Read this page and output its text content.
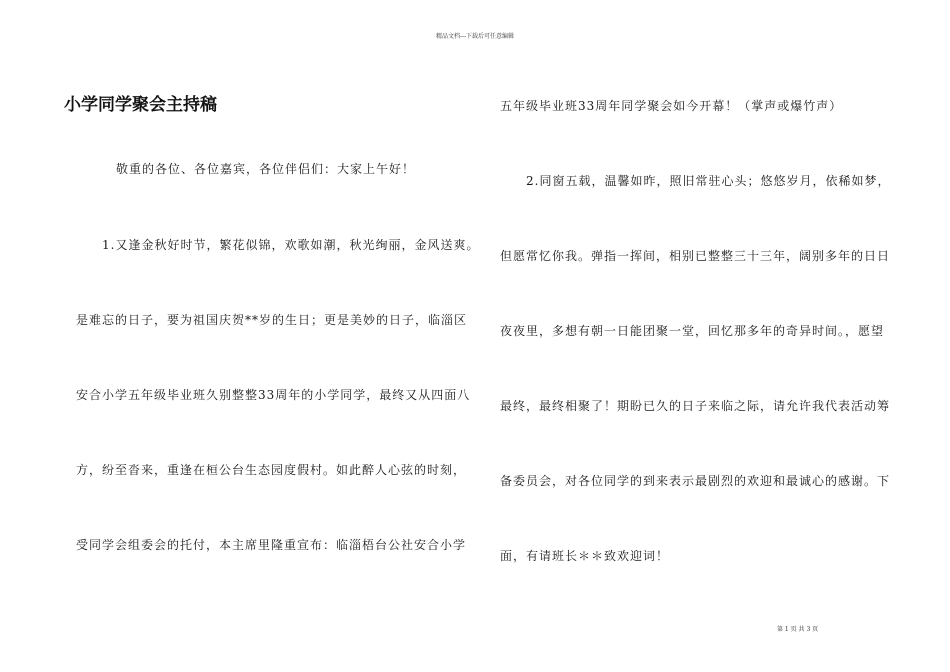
精品文档---下载后可任意编辑
小学同学聚会主持稿
敬重的各位、各位嘉宾，各位伴侣们：大家上午好！
1.又逢金秋好时节，繁花似锦，欢歌如潮，秋光绚丽，金风送爽。
是难忘的日子，要为祖国庆贺**岁的生日；更是美妙的日子，临淄区
安合小学五年级毕业班久别整整33周年的小学同学，最终又从四面八
方，纷至沓来，重逢在桓公台生态园度假村。如此醉人心弦的时刻，
受同学会组委会的托付，本主席里隆重宣布：临淄梧台公社安合小学
五年级毕业班33周年同学聚会如今开幕！（掌声或爆竹声）
2.同窗五载，温馨如昨，照旧常驻心头；悠悠岁月，依稀如梦，
但愿常忆你我。弹指一挥间，相别已整整三十三年，阔别多年的日日
夜夜里，多想有朝一日能团聚一堂，回忆那多年的奇异时间。，愿望
最终，最终相聚了！期盼已久的日子来临之际，请允许我代表活动筹
备委员会，对各位同学的到来表示最剧烈的欢迎和最诚心的感谢。下
面，有请班长＊＊致欢迎词！
第 1 页 共 3 页
